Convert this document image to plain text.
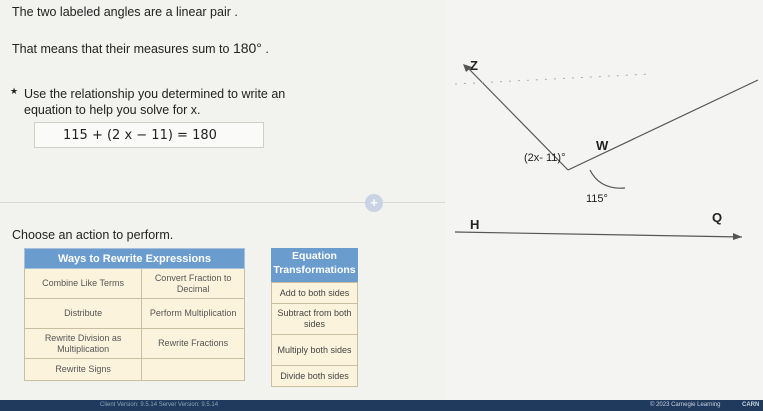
The two labeled angles are a linear pair .
That means that their measures sum to 180° .
★ Use the relationship you determined to write an equation to help you solve for x.
115 + (2 x − 11) = 180
+
Choose an action to perform.
Ways to Rewrite Expressions	
Combine Like Terms	Convert Fraction to Decimal
Distribute	Perform Multiplication
Rewrite Division as Multiplication	Rewrite Fractions
Rewrite Signs	
Equation Transformations
Add to both sides
Subtract from both sides
Multiply both sides
Divide both sides
Z
W
Q
H
(2x- 11)°
115°
Client Version: 9.5.14 Server Version: 9.5.14	© 2023 Carnegie Learning	CARN
